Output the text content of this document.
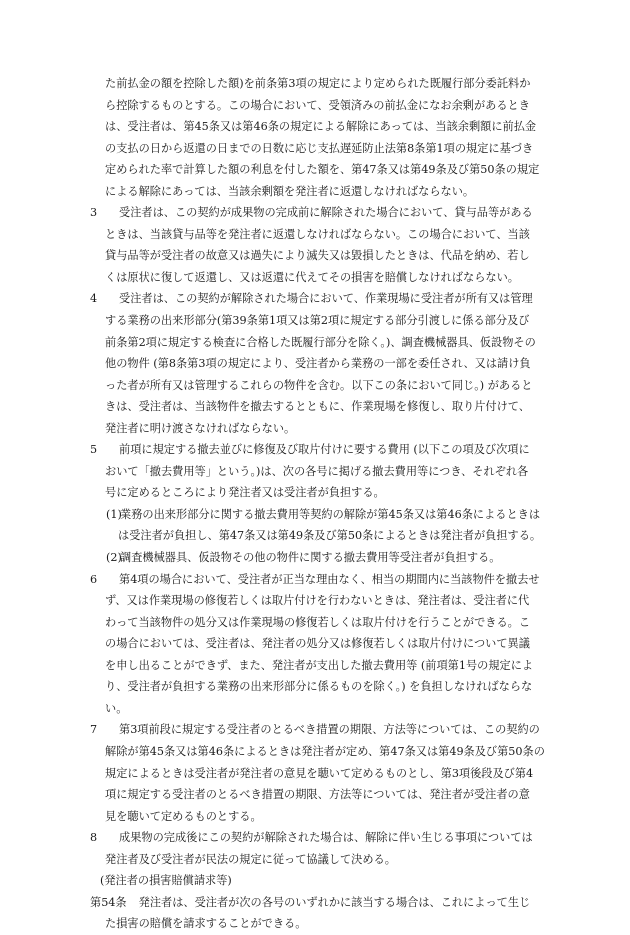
た前払金の額を控除した額)を前条第3項の規定により定められた既履行部分委託料か
ら控除するものとする。この場合において、受領済みの前払金になお余剰があるとき
は、受注者は、第45条又は第46条の規定による解除にあっては、当該余剰額に前払金
の支払の日から返還の日までの日数に応じ支払遅延防止法第8条第1項の規定に基づき
定められた率で計算した額の利息を付した額を、第47条又は第49条及び第50条の規定
による解除にあっては、当該余剰額を発注者に返還しなければならない。
3 受注者は、この契約が成果物の完成前に解除された場合において、貸与品等がある
ときは、当該貸与品等を発注者に返還しなければならない。この場合において、当該
貸与品等が受注者の故意又は過失により滅失又は毀損したときは、代品を納め、若し
くは原状に復して返還し、又は返還に代えてその損害を賠償しなければならない。
4 受注者は、この契約が解除された場合において、作業現場に受注者が所有又は管理
する業務の出来形部分(第39条第1項又は第2項に規定する部分引渡しに係る部分及び
前条第2項に規定する検査に合格した既履行部分を除く。)、調査機械器具、仮設物その
他の物件 (第8条第3項の規定により、受注者から業務の一部を委任され、又は請け負
った者が所有又は管理するこれらの物件を含む。以下この条において同じ。) があると
きは、受注者は、当該物件を撤去するとともに、作業現場を修復し、取り片付けて、
発注者に明け渡さなければならない。
5 前項に規定する撤去並びに修復及び取片付けに要する費用 (以下この項及び次項に
おいて「撤去費用等」という。)は、次の各号に掲げる撤去費用等につき、それぞれ各
号に定めるところにより発注者又は受注者が負担する。
(1)
業務の出来形部分に関する撤去費用等契約の解除が第45条又は第46条によるときは
は受注者が負担し、第47条又は第49条及び第50条によるときは発注者が負担する。
(2)
調査機械器具、仮設物その他の物件に関する撤去費用等受注者が負担する。
6 第4項の場合において、受注者が正当な理由なく、相当の期間内に当該物件を撤去せ
ず、又は作業現場の修復若しくは取片付けを行わないときは、発注者は、受注者に代
わって当該物件の処分又は作業現場の修復若しくは取片付けを行うことができる。こ
の場合においては、受注者は、発注者の処分又は修復若しくは取片付けについて異議
を申し出ることができず、また、発注者が支出した撤去費用等 (前項第1号の規定によ
り、受注者が負担する業務の出来形部分に係るものを除く。) を負担しなければならな
い。
7 第3項前段に規定する受注者のとるべき措置の期限、方法等については、この契約の
解除が第45条又は第46条によるときは発注者が定め、第47条又は第49条及び第50条の
規定によるときは受注者が発注者の意見を聴いて定めるものとし、第3項後段及び第4
項に規定する受注者のとるべき措置の期限、方法等については、発注者が受注者の意
見を聴いて定めるものとする。
8 成果物の完成後にこの契約が解除された場合は、解除に伴い生じる事項については
発注者及び受注者が民法の規定に従って協議して決める。
(発注者の損害賠償請求等)
第54条 発注者は、受注者が次の各号のいずれかに該当する場合は、これによって生じ
た損害の賠償を請求することができる。
